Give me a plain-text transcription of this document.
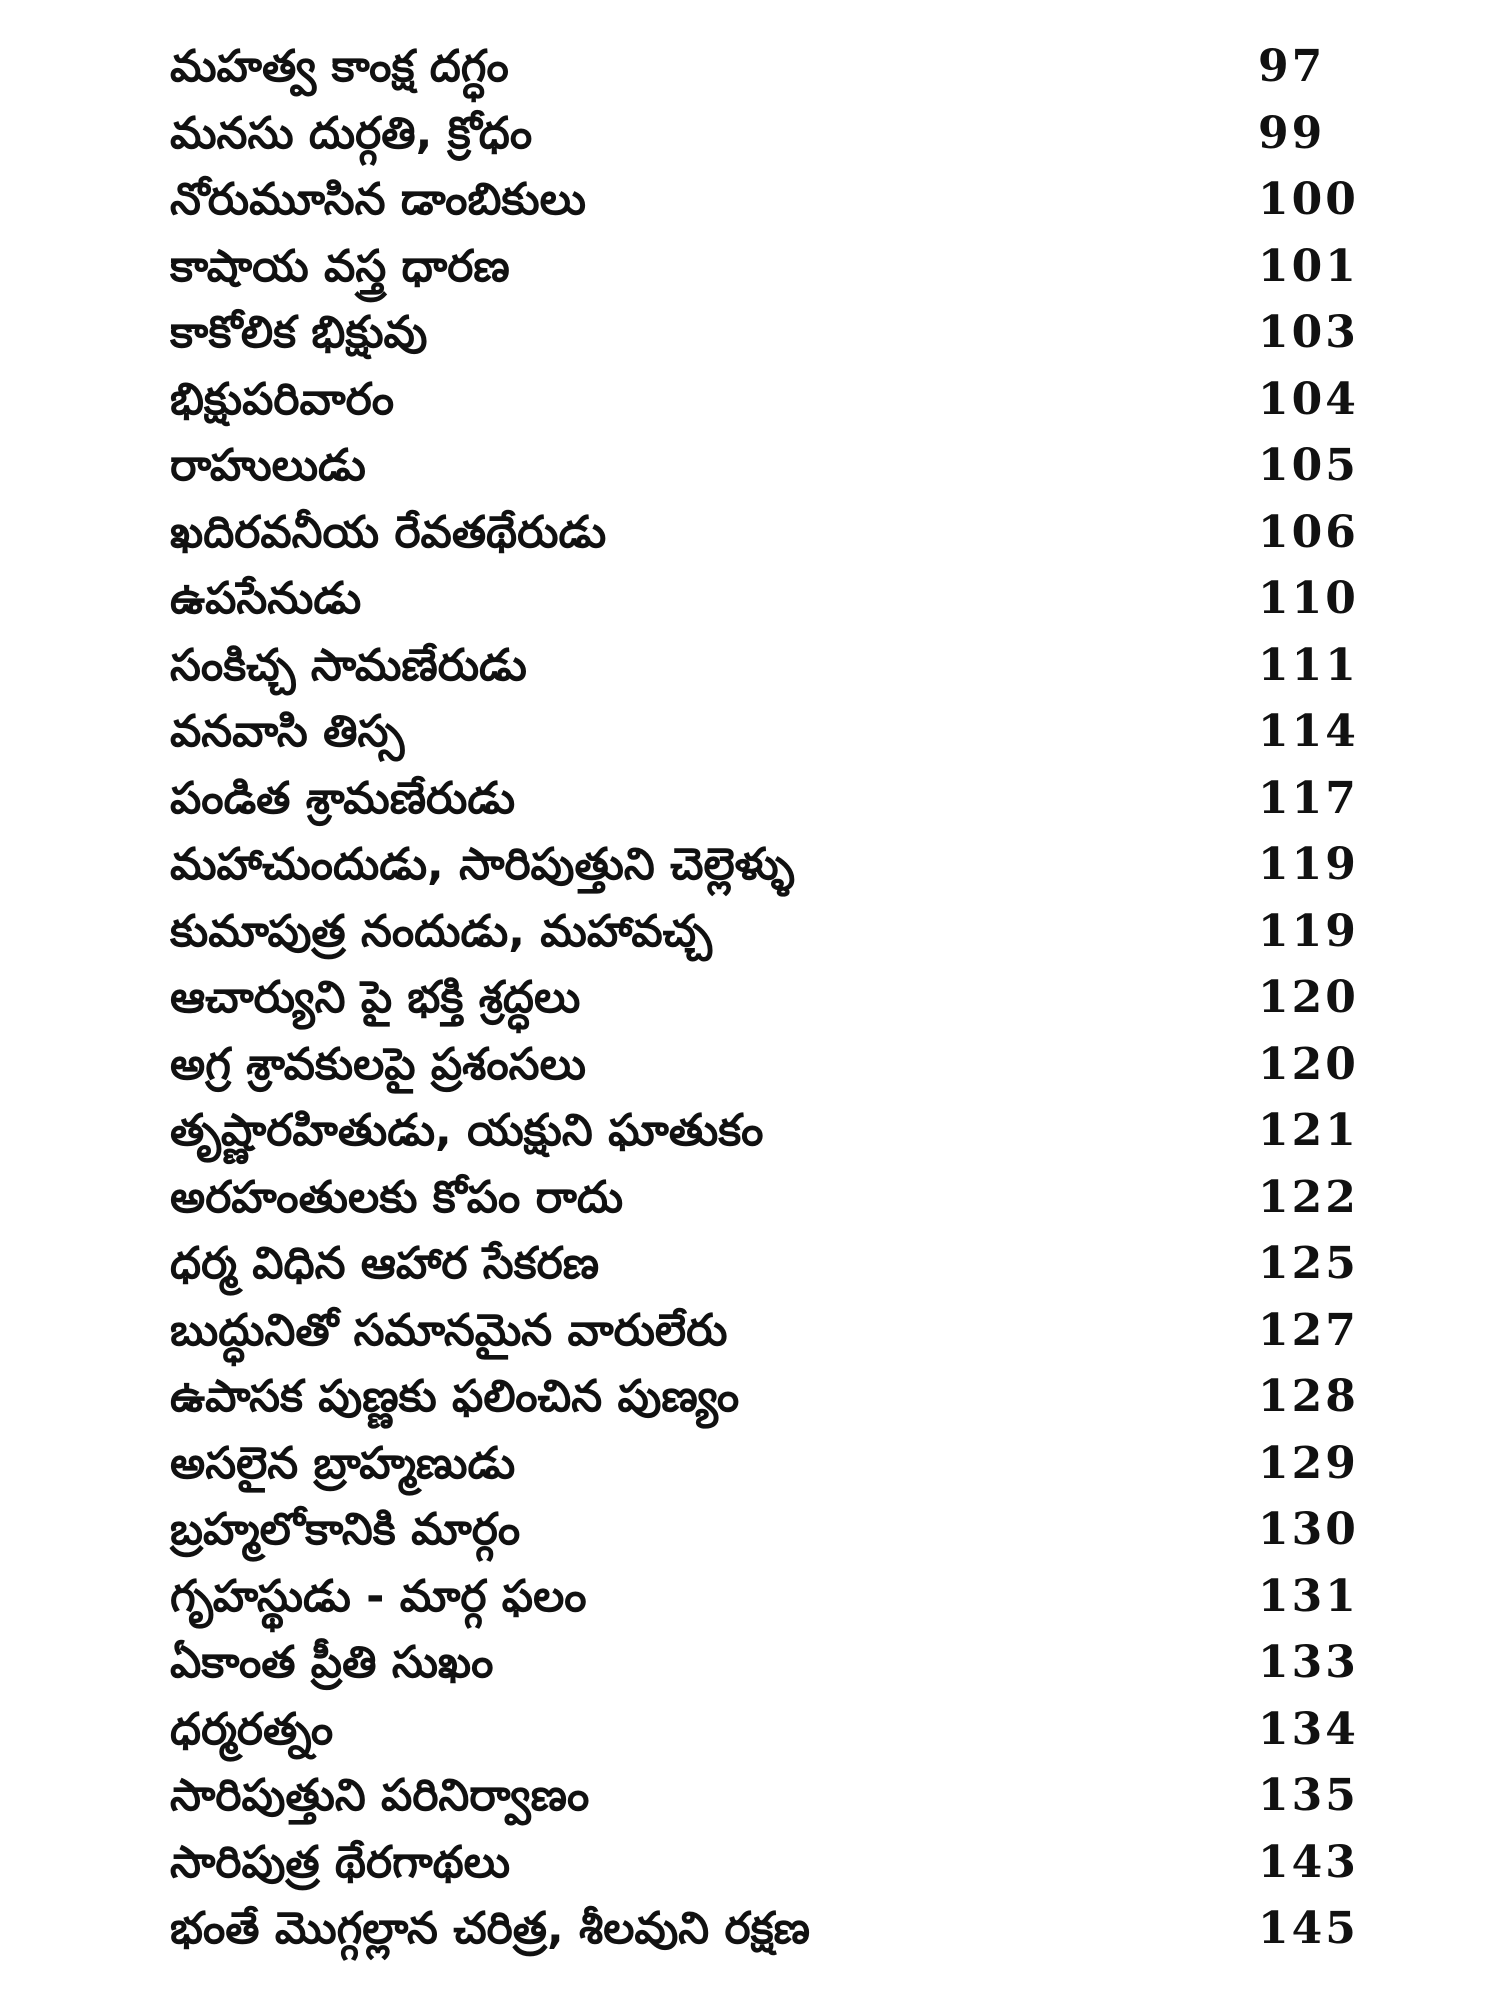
మహత్వ కాంక్ష దగ్ధం	97
మనసు దుర్గతి, క్రోధం	99
నోరుమూసిన డాంబికులు	100
కాషాయ వస్త్ర ధారణ	101
కాకోలిక భిక్షువు	103
భిక్షుపరివారం	104
రాహులుడు	105
ఖదిరవనీయ రేవతథేరుడు	106
ఉపసేనుడు	110
సంకిచ్చ సామణేరుడు	111
వనవాసి తిస్స	114
పండిత శ్రామణేరుడు	117
మహాచుందుడు, సారిపుత్తుని చెల్లెళ్ళు	119
కుమాపుత్ర నందుడు, మహావచ్చ	119
ఆచార్యుని పై భక్తి శ్రద్ధలు	120
అగ్ర శ్రావకులపై ప్రశంసలు	120
తృష్ణారహితుడు, యక్షుని ఘాతుకం	121
అరహంతులకు కోపం రాదు	122
ధర్మ విధిన ఆహార సేకరణ	125
బుద్ధునితో సమానమైన వారులేరు	127
ఉపాసక పుణ్ణకు ఫలించిన పుణ్యం	128
అసలైన బ్రాహ్మణుడు	129
బ్రహ్మలోకానికి మార్గం	130
గృహస్థుడు - మార్గ ఫలం	131
ఏకాంత ప్రీతి సుఖం	133
ధర్మరత్నం	134
సారిపుత్తుని పరినిర్వాణం	135
సారిపుత్ర థేరగాథలు	143
భంతే మొగ్గల్లాన చరిత్ర, శీలవుని రక్షణ	145
